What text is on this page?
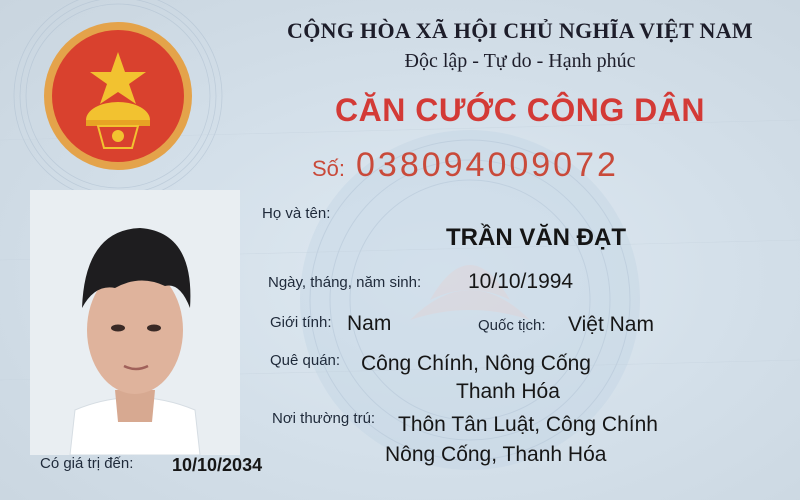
CỘNG HÒA XÃ HỘI CHỦ NGHĨA VIỆT NAM
Độc lập - Tự do - Hạnh phúc
CĂN CƯỚC CÔNG DÂN
Số: 038094009072
Họ và tên:
TRẦN VĂN ĐẠT
Ngày, tháng, năm sinh: 10/10/1994
Giới tính: Nam	Quốc tịch: Việt Nam
Quê quán: Công Chính, Nông Cống
Thanh Hóa
Nơi thường trú: Thôn Tân Luật, Công Chính
Nông Cống, Thanh Hóa
Có giá trị đến: 10/10/2034
